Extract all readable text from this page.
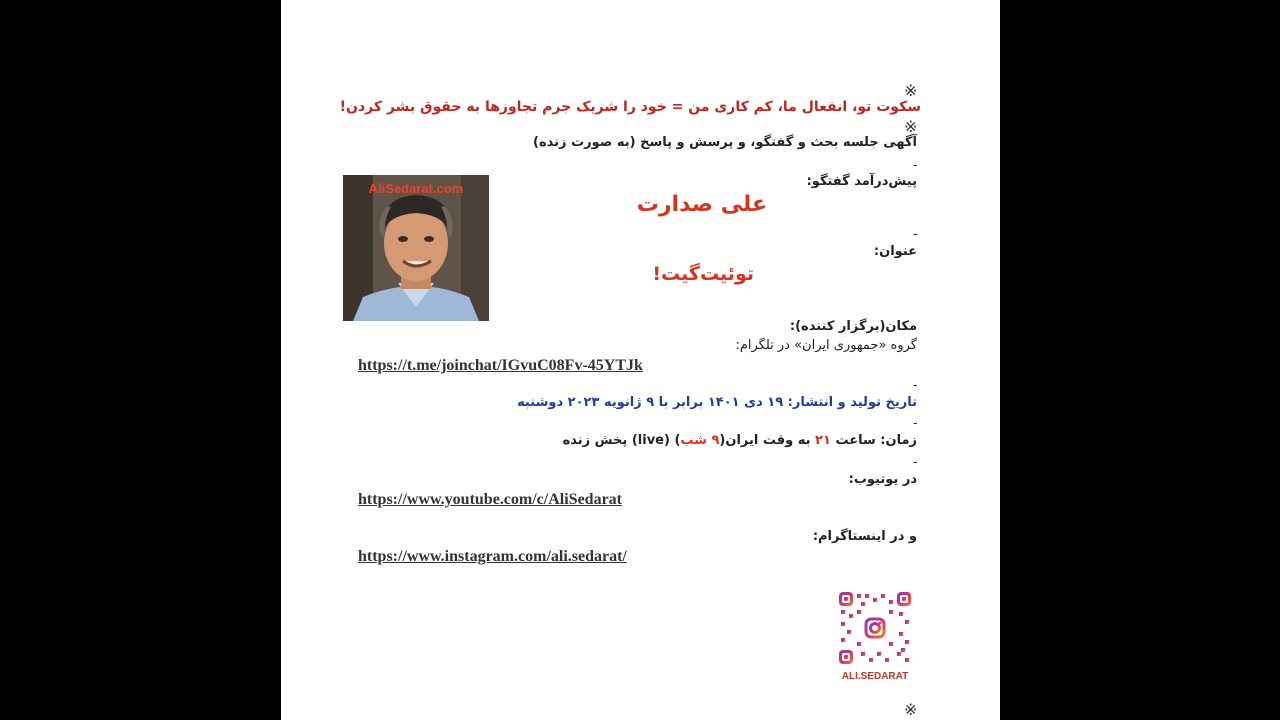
※
سکوت تو، انفعال ما، کم کاری من = خود را شریک جرم تجاوزها به حقوق بشر کردن!
※
آگهی جلسه بحث و گفتگو، و پرسش و پاسخ (به صورت زنده)
-
پیش‌درآمد گفتگو:
AliSedarat.com
علی صدارت
-
عنوان:
توئیت‌گیت!
مکان(برگزار کننده):
گروه «جمهوری ایران» در تلگرام:
https://t.me/joinchat/IGvuC08Fv-45YTJk
-
تاریخ تولید و انتشار: ۱۹ دی ۱۴۰۱ برابر با ۹ ژانویه ۲۰۲۳ دوشنبه
-
زمان: ساعت ۲۱ به وقت ایران(۹ شب) (live) پخش زنده
-
در یوتیوب:
https://www.youtube.com/c/AliSedarat
و در اینستاگرام:
https://www.instagram.com/ali.sedarat/
ALI.SEDARAT
※
